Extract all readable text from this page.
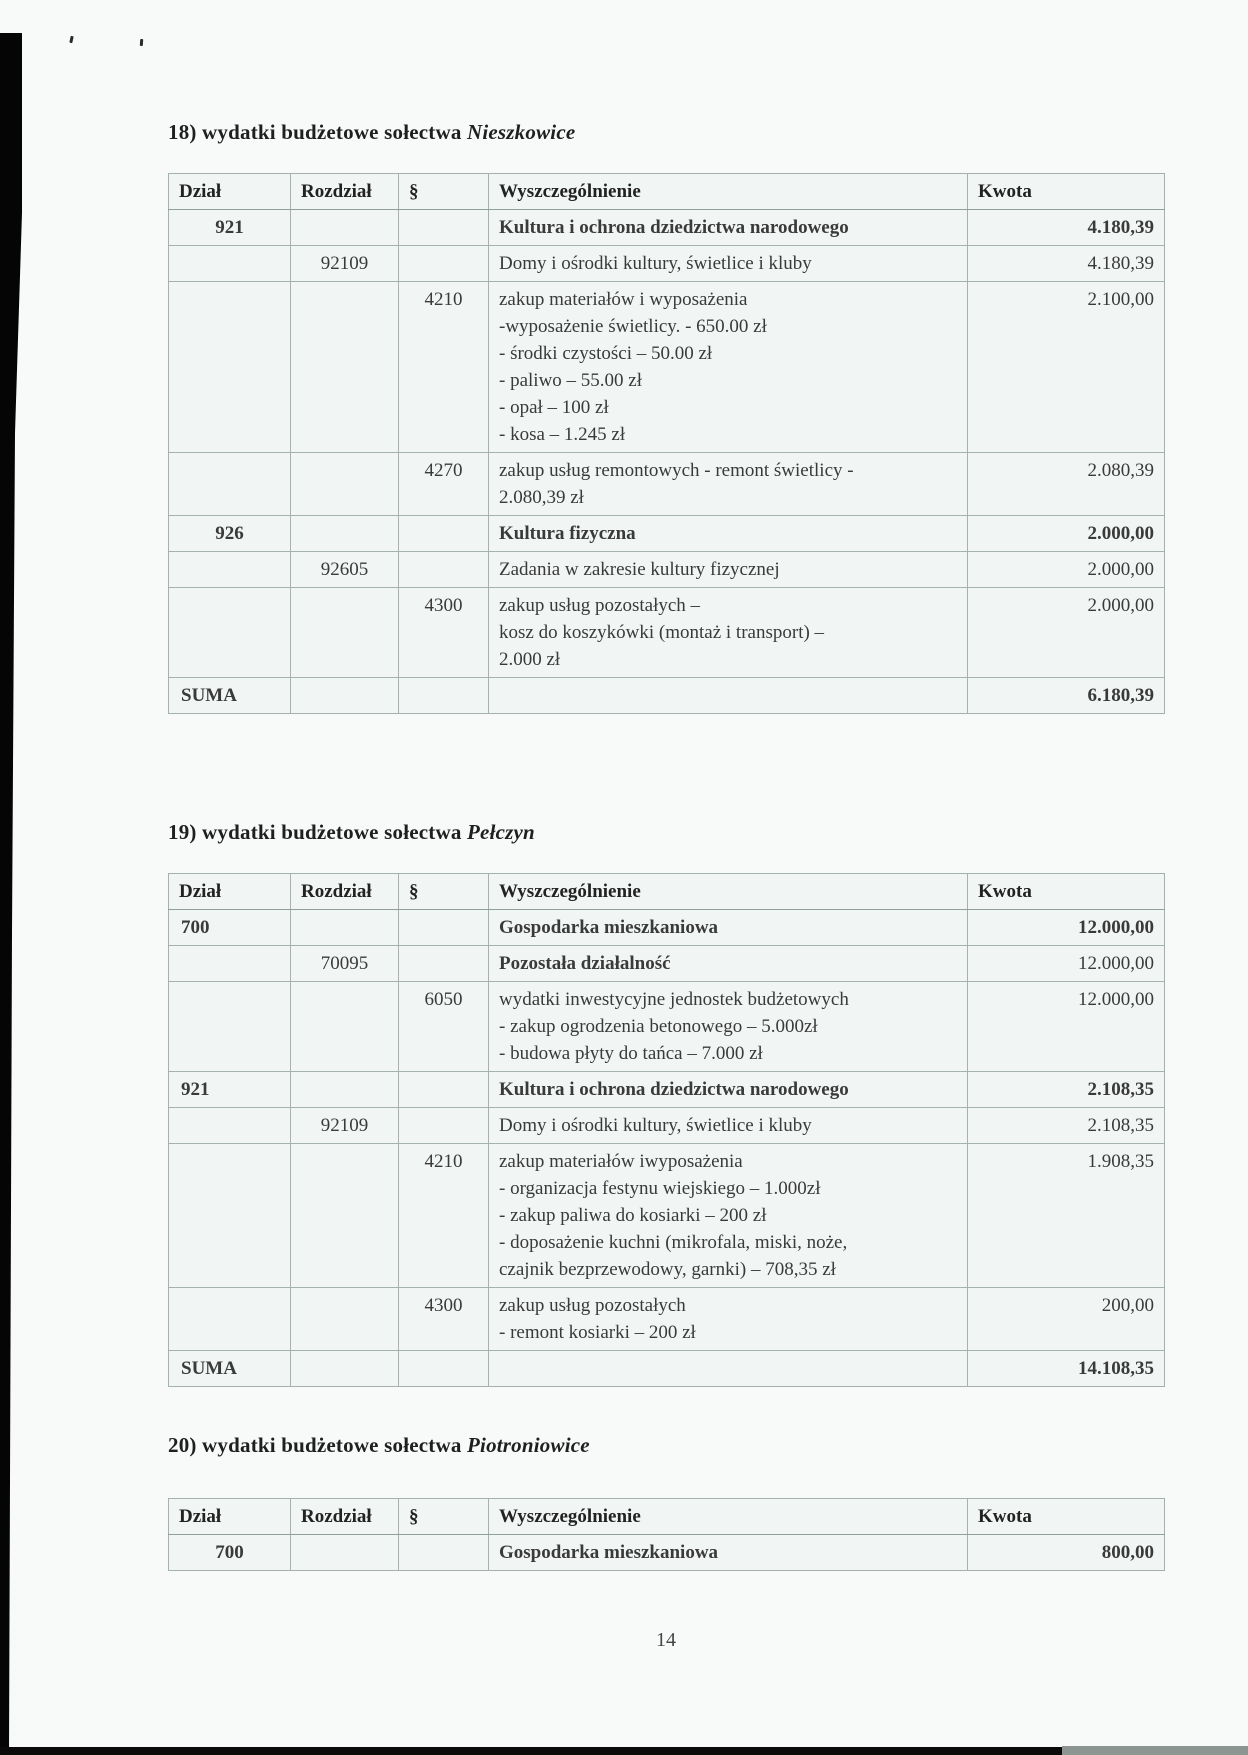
18) wydatki budżetowe sołectwa Nieszkowice
Dział	Rozdział	§	Wyszczególnienie	Kwota
921			Kultura i ochrona dziedzictwa narodowego	4.180,39
	92109		Domy i ośrodki kultury, świetlice i kluby	4.180,39
		4210	zakup materiałów i wyposażenia
-wyposażenie świetlicy. - 650.00 zł
- środki czystości – 50.00 zł
- paliwo – 55.00 zł
- opał – 100 zł
- kosa – 1.245 zł
	2.100,00
		4270	zakup usług remontowych - remont świetlicy -
2.080,39 zł	2.080,39
926			Kultura fizyczna	2.000,00
	92605		Zadania w zakresie kultury fizycznej	2.000,00
		4300	zakup usług pozostałych –
kosz do koszykówki (montaż i transport) –
2.000 zł	2.000,00
SUMA				6.180,39
19) wydatki budżetowe sołectwa Pełczyn
Dział	Rozdział	§	Wyszczególnienie	Kwota
700			Gospodarka mieszkaniowa	12.000,00
	70095		Pozostała działalność	12.000,00
		6050	wydatki inwestycyjne jednostek budżetowych
- zakup ogrodzenia betonowego – 5.000zł
- budowa płyty do tańca – 7.000 zł	12.000,00
921			Kultura i ochrona dziedzictwa narodowego	2.108,35
	92109		Domy i ośrodki kultury, świetlice i kluby	2.108,35
		4210	zakup materiałów iwyposażenia
- organizacja festynu wiejskiego – 1.000zł
- zakup paliwa do kosiarki – 200 zł
- doposażenie kuchni (mikrofala, miski, noże,
czajnik bezprzewodowy, garnki) – 708,35 zł	1.908,35
		4300	zakup usług pozostałych
- remont kosiarki – 200 zł	200,00
SUMA				14.108,35
20) wydatki budżetowe sołectwa Piotroniowice
Dział	Rozdział	§	Wyszczególnienie	Kwota
700			Gospodarka mieszkaniowa	800,00
14
